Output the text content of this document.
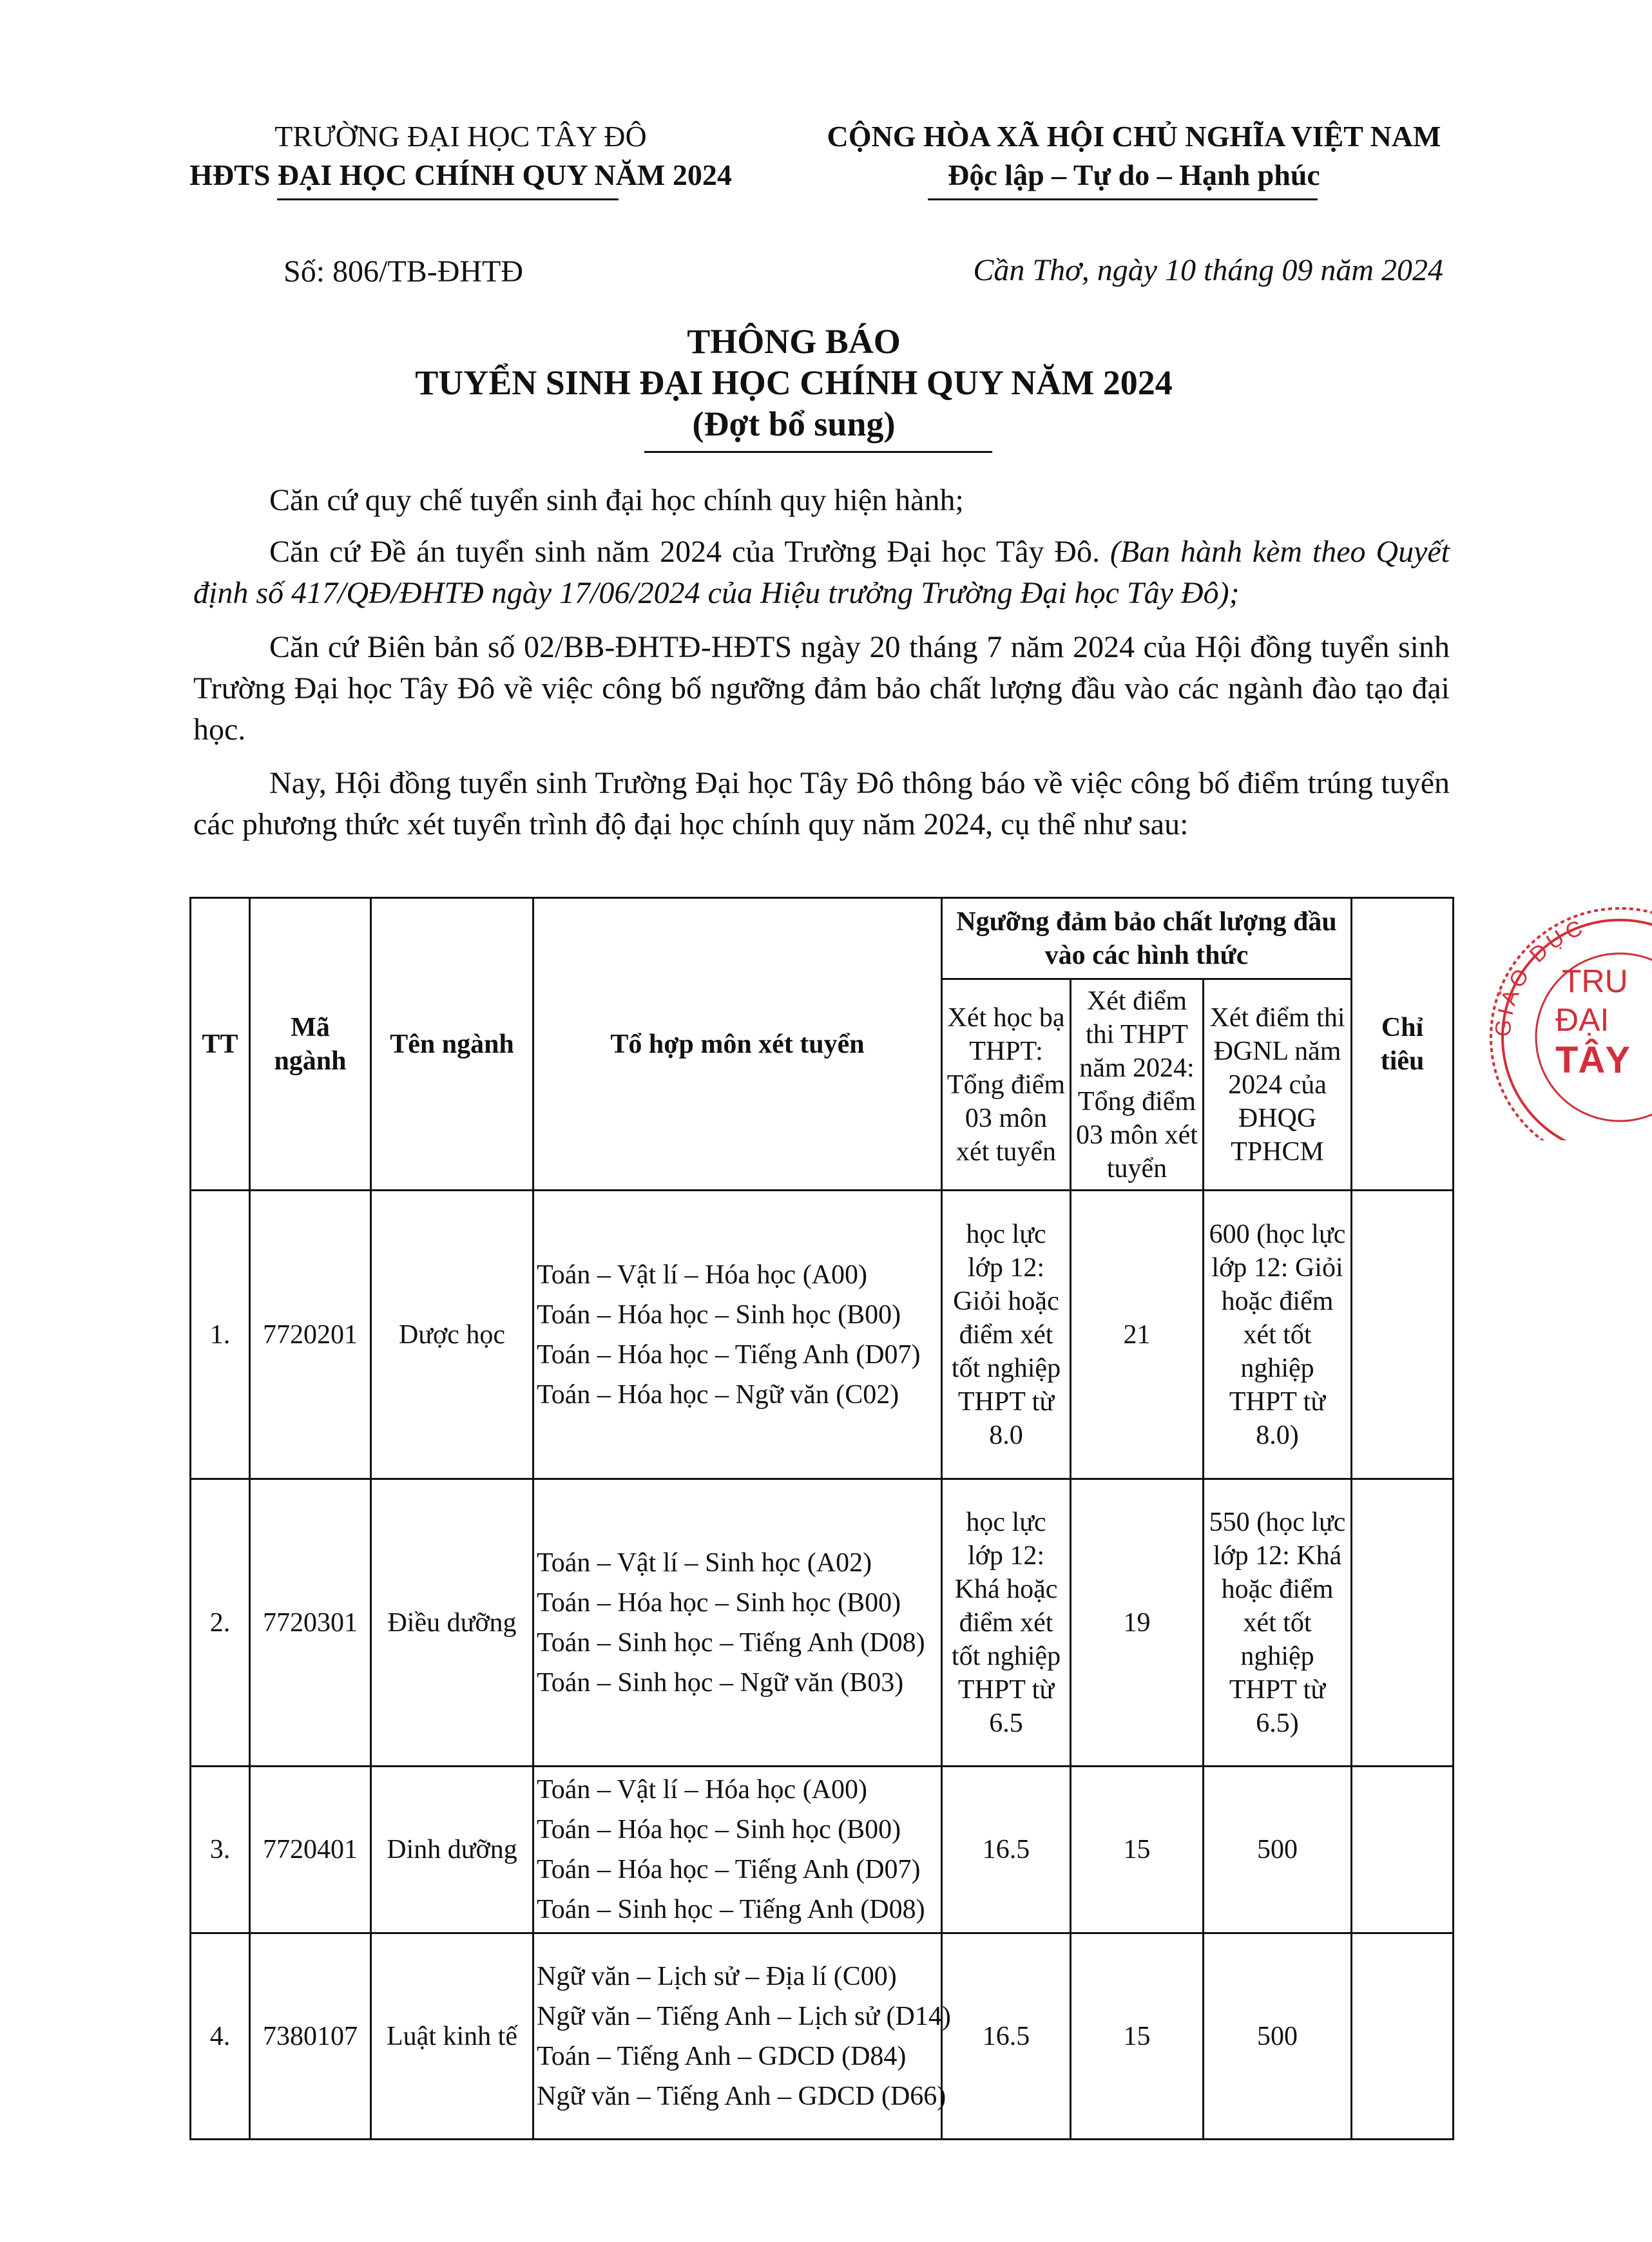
TRƯỜNG ĐẠI HỌC TÂY ĐÔ
HĐTS ĐẠI HỌC CHÍNH QUY NĂM 2024
CỘNG HÒA XÃ HỘI CHỦ NGHĨA VIỆT NAM
Độc lập – Tự do – Hạnh phúc
Số: 806/TB-ĐHTĐ	Cần Thơ, ngày 10 tháng 09 năm 2024
THÔNG BÁO
TUYỂN SINH ĐẠI HỌC CHÍNH QUY NĂM 2024
(Đợt bổ sung)
Căn cứ quy chế tuyển sinh đại học chính quy hiện hành;
Căn cứ Đề án tuyển sinh năm 2024 của Trường Đại học Tây Đô. (Ban hành kèm theo Quyết định số 417/QĐ/ĐHTĐ ngày 17/06/2024 của Hiệu trưởng Trường Đại học Tây Đô);
Căn cứ Biên bản số 02/BB-ĐHTĐ-HĐTS ngày 20 tháng 7 năm 2024 của Hội đồng tuyển sinh Trường Đại học Tây Đô về việc công bố ngưỡng đảm bảo chất lượng đầu vào các ngành đào tạo đại học.
Nay, Hội đồng tuyển sinh Trường Đại học Tây Đô thông báo về việc công bố điểm trúng tuyển các phương thức xét tuyển trình độ đại học chính quy năm 2024, cụ thể như sau:
TT	Mã ngành	Tên ngành	Tổ hợp môn xét tuyển	Ngưỡng đảm bảo chất lượng đầu vào các hình thức			Chỉ tiêu
				Xét học bạ THPT: Tổng điểm 03 môn xét tuyển	Xét điểm thi THPT năm 2024: Tổng điểm 03 môn xét tuyển	Xét điểm thi ĐGNL năm 2024 của ĐHQG TPHCM	
1.	7720201	Dược học	Toán – Vật lí – Hóa học (A00)
Toán – Hóa học – Sinh học (B00)
Toán – Hóa học – Tiếng Anh (D07)
Toán – Hóa học – Ngữ văn (C02)	học lực lớp 12: Giỏi hoặc điểm xét tốt nghiệp THPT từ 8.0	21	600 (học lực lớp 12: Giỏi hoặc điểm xét tốt nghiệp THPT từ 8.0)	
2.	7720301	Điều dưỡng	Toán – Vật lí – Sinh học (A02)
Toán – Hóa học – Sinh học (B00)
Toán – Sinh học – Tiếng Anh (D08)
Toán – Sinh học – Ngữ văn (B03)	học lực lớp 12: Khá hoặc điểm xét tốt nghiệp THPT từ 6.5	19	550 (học lực lớp 12: Khá hoặc điểm xét tốt nghiệp THPT từ 6.5)	
3.	7720401	Dinh dưỡng	Toán – Vật lí – Hóa học (A00)
Toán – Hóa học – Sinh học (B00)
Toán – Hóa học – Tiếng Anh (D07)
Toán – Sinh học – Tiếng Anh (D08)	16.5	15	500	
4.	7380107	Luật kinh tế	Ngữ văn – Lịch sử – Địa lí (C00)
Ngữ văn – Tiếng Anh – Lịch sử (D14)
Toán – Tiếng Anh – GDCD (D84)
Ngữ văn – Tiếng Anh – GDCD (D66)	16.5	15	500	
GIÁO DỤC
TRU
ĐẠI
TÂY
